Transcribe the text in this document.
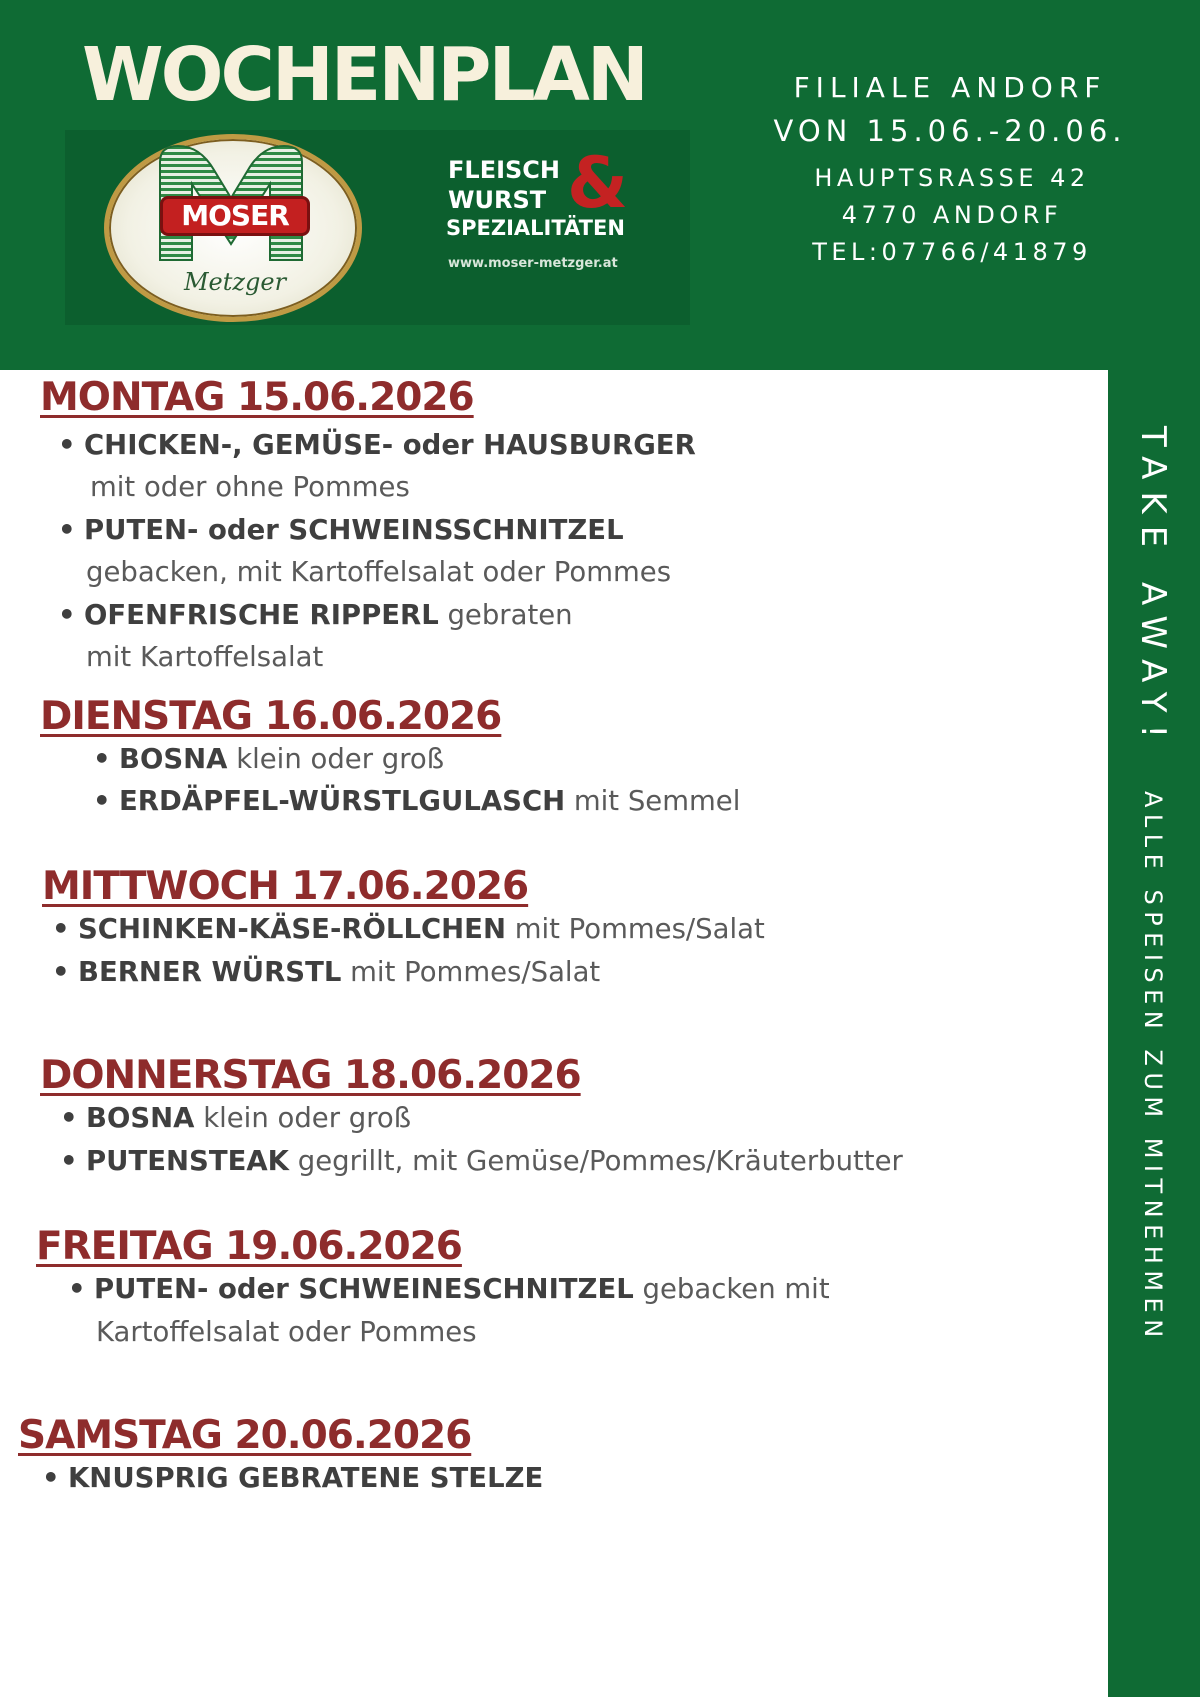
WOCHENPLAN
MOSER
Metzger
FLEISCH
WURST &
SPEZIALITÄTEN
www.moser-metzger.at
FILIALE ANDORF
VON 15.06.-20.06.
HAUPTSRASSE 42
4770 ANDORF
TEL:07766/41879
TAKE AWAY! ALLE SPEISEN ZUM MITNEHMEN
MONTAG 15.06.2026
• CHICKEN-, GEMÜSE- oder HAUSBURGER
mit oder ohne Pommes
• PUTEN- oder SCHWEINSSCHNITZEL
gebacken, mit Kartoffelsalat oder Pommes
• OFENFRISCHE RIPPERL gebraten
mit Kartoffelsalat
DIENSTAG 16.06.2026
• BOSNA klein oder groß
• ERDÄPFEL-WÜRSTLGULASCH mit Semmel
MITTWOCH 17.06.2026
• SCHINKEN-KÄSE-RÖLLCHEN mit Pommes/Salat
• BERNER WÜRSTL mit Pommes/Salat
DONNERSTAG 18.06.2026
• BOSNA klein oder groß
• PUTENSTEAK gegrillt, mit Gemüse/Pommes/Kräuterbutter
FREITAG 19.06.2026
• PUTEN- oder SCHWEINESCHNITZEL gebacken mit
Kartoffelsalat oder Pommes
SAMSTAG 20.06.2026
• KNUSPRIG GEBRATENE STELZE
